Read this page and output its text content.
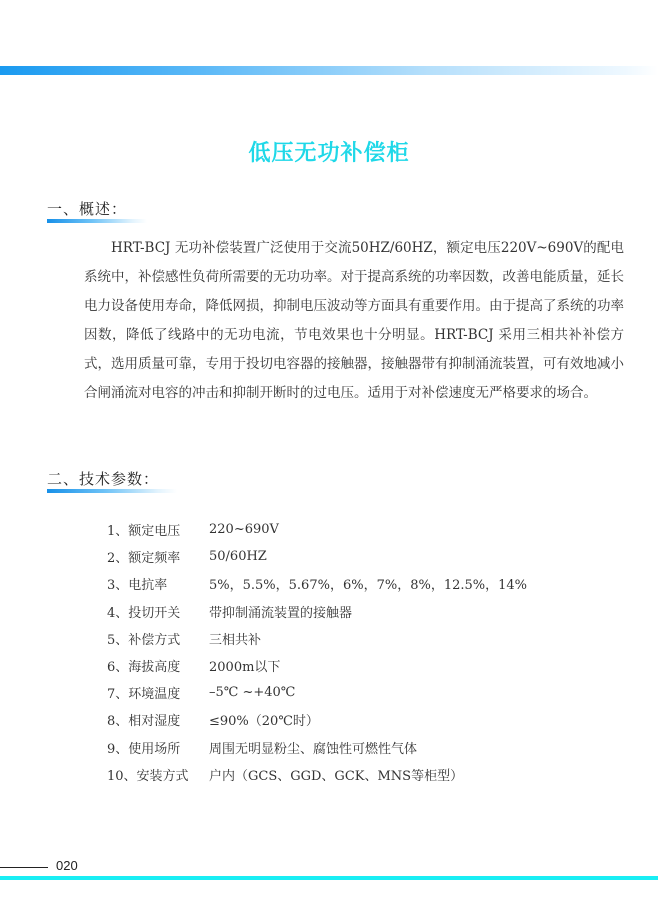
低压无功补偿柜
一、概述：
HRT-BCJ 无功补偿装置广泛使用于交流50HZ/60HZ，额定电压220V~690V的配电系统中，补偿感性负荷所需要的无功功率。对于提高系统的功率因数，改善电能质量，延长电力设备使用寿命，降低网损，抑制电压波动等方面具有重要作用。由于提高了系统的功率因数，降低了线路中的无功电流，节电效果也十分明显。HRT-BCJ 采用三相共补补偿方式，选用质量可靠，专用于投切电容器的接触器，接触器带有抑制涌流装置，可有效地减小合闸涌流对电容的冲击和抑制开断时的过电压。适用于对补偿速度无严格要求的场合。
二、技术参数：
1、额定电压	220~690V
2、额定频率	50/60HZ
3、电抗率	5%，5.5%，5.67%，6%，7%，8%，12.5%，14%
4、投切开关	带抑制涌流装置的接触器
5、补偿方式	三相共补
6、海拔高度	2000m以下
7、环境温度	–5℃ ~+40℃
8、相对湿度	≤90%（20℃时）
9、使用场所	周围无明显粉尘、腐蚀性可燃性气体
10、安装方式	户内（GCS、GGD、GCK、MNS等柜型）
020
